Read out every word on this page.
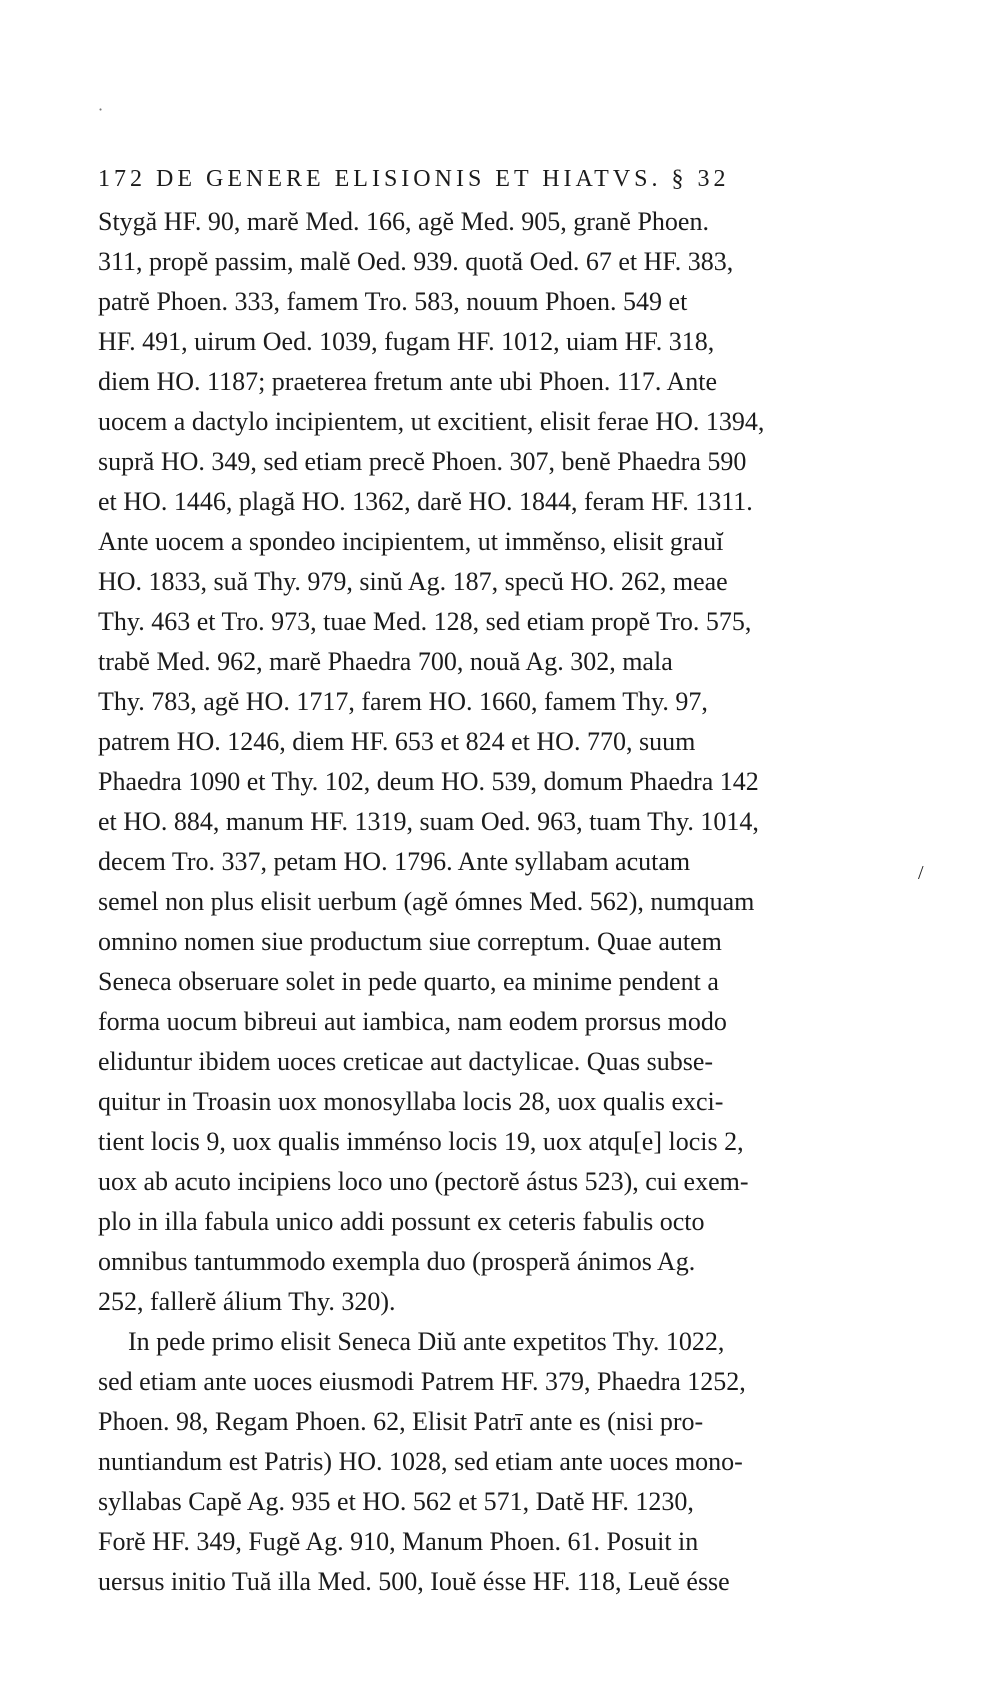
·
172 DE GENERE ELISIONIS ET HIATVS. § 32
Stygă HF. 90, marĕ Med. 166, agĕ Med. 905, granĕ Phoen.
311, propĕ passim, malĕ Oed. 939. quotă Oed. 67 et HF. 383,
patrĕ Phoen. 333, famem Tro. 583, nouum Phoen. 549 et
HF. 491, uirum Oed. 1039, fugam HF. 1012, uiam HF. 318,
diem HO. 1187; praeterea fretum ante ubi Phoen. 117. Ante
uocem a dactylo incipientem, ut excitient, elisit ferae HO. 1394,
supră HO. 349, sed etiam precĕ Phoen. 307, benĕ Phaedra 590
et HO. 1446, plagă HO. 1362, darĕ HO. 1844, feram HF. 1311.
Ante uocem a spondeo incipientem, ut imměnso, elisit grauĭ
HO. 1833, suă Thy. 979, sinŭ Ag. 187, specŭ HO. 262, meae
Thy. 463 et Tro. 973, tuae Med. 128, sed etiam propĕ Tro. 575,
trabĕ Med. 962, marĕ Phaedra 700, nouă Ag. 302, mala
Thy. 783, agĕ HO. 1717, farem HO. 1660, famem Thy. 97,
patrem HO. 1246, diem HF. 653 et 824 et HO. 770, suum
Phaedra 1090 et Thy. 102, deum HO. 539, domum Phaedra 142
et HO. 884, manum HF. 1319, suam Oed. 963, tuam Thy. 1014,
decem Tro. 337, petam HO. 1796. Ante syllabam acutam
semel non plus elisit uerbum (agĕ ómnes Med. 562), numquam
omnino nomen siue productum siue correptum. Quae autem
Seneca obseruare solet in pede quarto, ea minime pendent a
forma uocum bibreui aut iambica, nam eodem prorsus modo
eliduntur ibidem uoces creticae aut dactylicae. Quas subse-
quitur in Troasin uox monosyllaba locis 28, uox qualis exci-
tient locis 9, uox qualis imménso locis 19, uox atqu[e] locis 2,
uox ab acuto incipiens loco uno (pectorĕ ástus 523), cui exem-
plo in illa fabula unico addi possunt ex ceteris fabulis octo
omnibus tantummodo exempla duo (prosperă ánimos Ag.
252, fallerĕ álium Thy. 320).
In pede primo elisit Seneca Diŭ ante expetitos Thy. 1022,
sed etiam ante uoces eiusmodi Patrem HF. 379, Phaedra 1252,
Phoen. 98, Regam Phoen. 62, Elisit Patrī ante es (nisi pro-
nuntiandum est Patris) HO. 1028, sed etiam ante uoces mono-
syllabas Capĕ Ag. 935 et HO. 562 et 571, Datĕ HF. 1230,
Forĕ HF. 349, Fugĕ Ag. 910, Manum Phoen. 61. Posuit in
uersus initio Tuă illa Med. 500, Iouĕ ésse HF. 118, Leuĕ ésse
/
